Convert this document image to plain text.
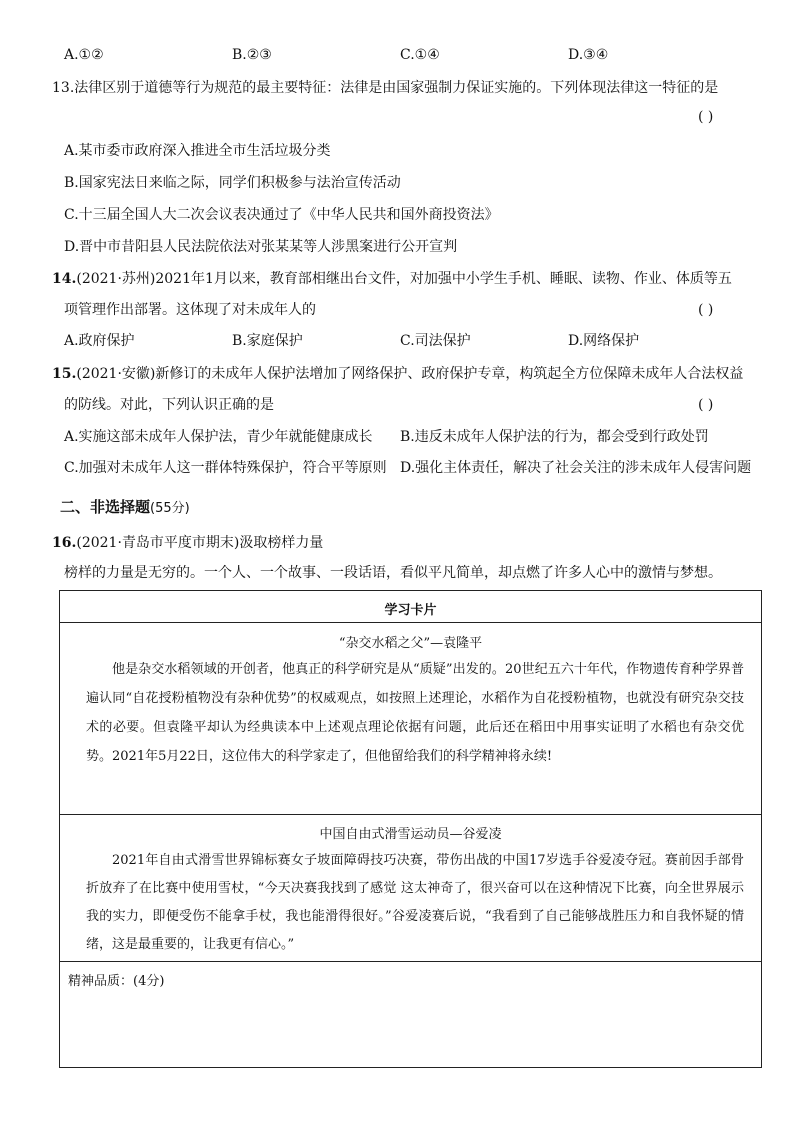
A.①②	B.②③	C.①④	D.③④
13.法律区别于道德等行为规范的最主要特征：法律是由国家强制力保证实施的。下列体现法律这一特征的是
( )
A.某市委市政府深入推进全市生活垃圾分类
B.国家宪法日来临之际，同学们积极参与法治宣传活动
C.十三届全国人大二次会议表决通过了《中华人民共和国外商投资法》
D.晋中市昔阳县人民法院依法对张某某等人涉黑案进行公开宣判
14.(2021·苏州)2021年1月以来，教育部相继出台文件，对加强中小学生手机、睡眠、读物、作业、体质等五
项管理作出部署。这体现了对未成年人的	( )
A.政府保护	B.家庭保护	C.司法保护	D.网络保护
15.(2021·安徽)新修订的未成年人保护法增加了网络保护、政府保护专章，构筑起全方位保障未成年人合法权益
的防线。对此，下列认识正确的是	( )
A.实施这部未成年人保护法，青少年就能健康成长 B.违反未成年人保护法的行为，都会受到行政处罚
C.加强对未成年人这一群体特殊保护，符合平等原则 D.强化主体责任，解决了社会关注的涉未成年人侵害问题
二、非选择题(55分)
16.(2021·青岛市平度市期末)汲取榜样力量
榜样的力量是无穷的。一个人、一个故事、一段话语，看似平凡简单，却点燃了许多人心中的激情与梦想。
学习卡片
“杂交水稻之父”—袁隆平
他是杂交水稻领域的开创者，他真正的科学研究是从“质疑”出发的。20世纪五六十年代，作物遗传育种学界普遍认同“自花授粉植物没有杂种优势”的权威观点，如按照上述理论，水稻作为自花授粉植物，也就没有研究杂交技术的必要。但袁隆平却认为经典读本中上述观点理论依据有问题，此后还在稻田中用事实证明了水稻也有杂交优势。2021年5月22日，这位伟大的科学家走了，但他留给我们的科学精神将永续!
中国自由式滑雪运动员—谷爱凌
2021年自由式滑雪世界锦标赛女子坡面障碍技巧决赛，带伤出战的中国17岁选手谷爱凌夺冠。赛前因手部骨折放弃了在比赛中使用雪杖，“今天决赛我找到了感觉 这太神奇了，很兴奋可以在这种情况下比赛，向全世界展示我的实力，即便受伤不能拿手杖，我也能滑得很好。”谷爱凌赛后说，“我看到了自己能够战胜压力和自我怀疑的情绪，这是最重要的，让我更有信心。”
精神品质：(4分)
